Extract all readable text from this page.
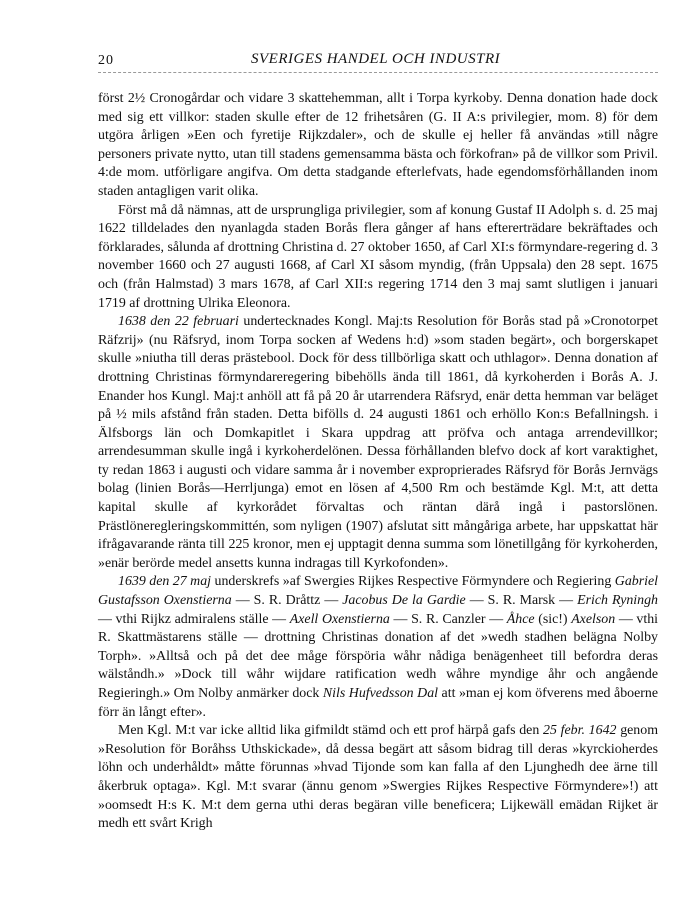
20	SVERIGES HANDEL OCH INDUSTRI

först 2½ Cronogårdar och vidare 3 skattehemman, allt i Torpa kyrkoby. Denna donation hade dock med sig ett villkor: staden skulle efter de 12 frihetsåren (G. II A:s privilegier, mom. 8) för dem utgöra årligen »Een och fyretije Rijkzdaler», och de skulle ej heller få användas »till någre personers private nytto, utan till stadens gemensamma bästa och förkofran» på de villkor som Privil. 4:de mom. utförligare angifva. Om detta stadgande efterlefvats, hade egendomsförhållanden inom staden antagligen varit olika.

Först må då nämnas, att de ursprungliga privilegier, som af konung Gustaf II Adolph s. d. 25 maj 1622 tilldelades den nyanlagda staden Borås flera gånger af hans eftererträdare bekräftades och förklarades, sålunda af drottning Christina d. 27 oktober 1650, af Carl XI:s förmyndare-regering d. 3 november 1660 och 27 augusti 1668, af Carl XI såsom myndig, (från Uppsala) den 28 sept. 1675 och (från Halmstad) 3 mars 1678, af Carl XII:s regering 1714 den 3 maj samt slutligen i januari 1719 af drottning Ulrika Eleonora.

1638 den 22 februari undertecknades Kongl. Maj:ts Resolution för Borås stad på »Cronotorpet Räfzrij» (nu Räfsryd, inom Torpa socken af Wedens h:d) »som staden begärt», och borgerskapet skulle »niutha till deras prästebool. Dock för dess tillbörliga skatt och uthlagor». Denna donation af drottning Christinas förmyndareregering bibehölls ända till 1861, då kyrkoherden i Borås A. J. Enander hos Kungl. Maj:t anhöll att få på 20 år utarrendera Räfsryd, enär detta hemman var beläget på ½ mils afstånd från staden. Detta bifölls d. 24 augusti 1861 och erhöllo Kon:s Befallningsh. i Älfsborgs län och Domkapitlet i Skara uppdrag att pröfva och antaga arrendevillkor; arrendesumman skulle ingå i kyrkoherdelönen. Dessa förhållanden blefvo dock af kort varaktighet, ty redan 1863 i augusti och vidare samma år i november exproprierades Räfsryd för Borås Jernvägs bolag (linien Borås—Herrljunga) emot en lösen af 4,500 Rm och bestämde Kgl. M:t, att detta kapital skulle af kyrkorådet förvaltas och räntan därå ingå i pastorslönen. Prästlöneregleringskommittén, som nyligen (1907) afslutat sitt mångåriga arbete, har uppskattat här ifrågavarande ränta till 225 kronor, men ej upptagit denna summa som lönetillgång för kyrkoherden, »enär berörde medel ansetts kunna indragas till Kyrkofonden».

1639 den 27 maj underskrefs »af Swergies Rijkes Respective Förmyndere och Regiering Gabriel Gustafsson Oxenstierna — S. R. Dråttz — Jacobus De la Gardie — S. R. Marsk — Erich Ryningh — vthi Rijkz admiralens ställe — Axell Oxenstierna — S. R. Canzler — Åhce (sic!) Axelson — vthi R. Skattmästarens ställe — drottning Christinas donation af det »wedh stadhen belägna Nolby Torph». »Alltså och på det dee måge förspöria wåhr nådiga benägenheet till befordra deras wälståndh.» »Dock till wåhr wijdare ratification wedh wåhre myndige åhr och angående Regieringh.» Om Nolby anmärker dock Nils Hufvedsson Dal att »man ej kom öfverens med åboerne förr än långt efter».

Men Kgl. M:t var icke alltid lika gifmildt stämd och ett prof härpå gafs den 25 febr. 1642 genom »Resolution för Boråhss Uthskickade», då dessa begärt att såsom bidrag till deras »kyrckioherdes löhn och underhåldt» måtte förunnas »hvad Tijonde som kan falla af den Ljunghedh dee ärne till åkerbruk optaga». Kgl. M:t svarar (ännu genom »Swergies Rijkes Respective Förmyndere»!) att »oomsedt H:s K. M:t dem gerna uthi deras begäran ville beneficera; Lijkewäll emädan Rijket är medh ett svårt Krigh
